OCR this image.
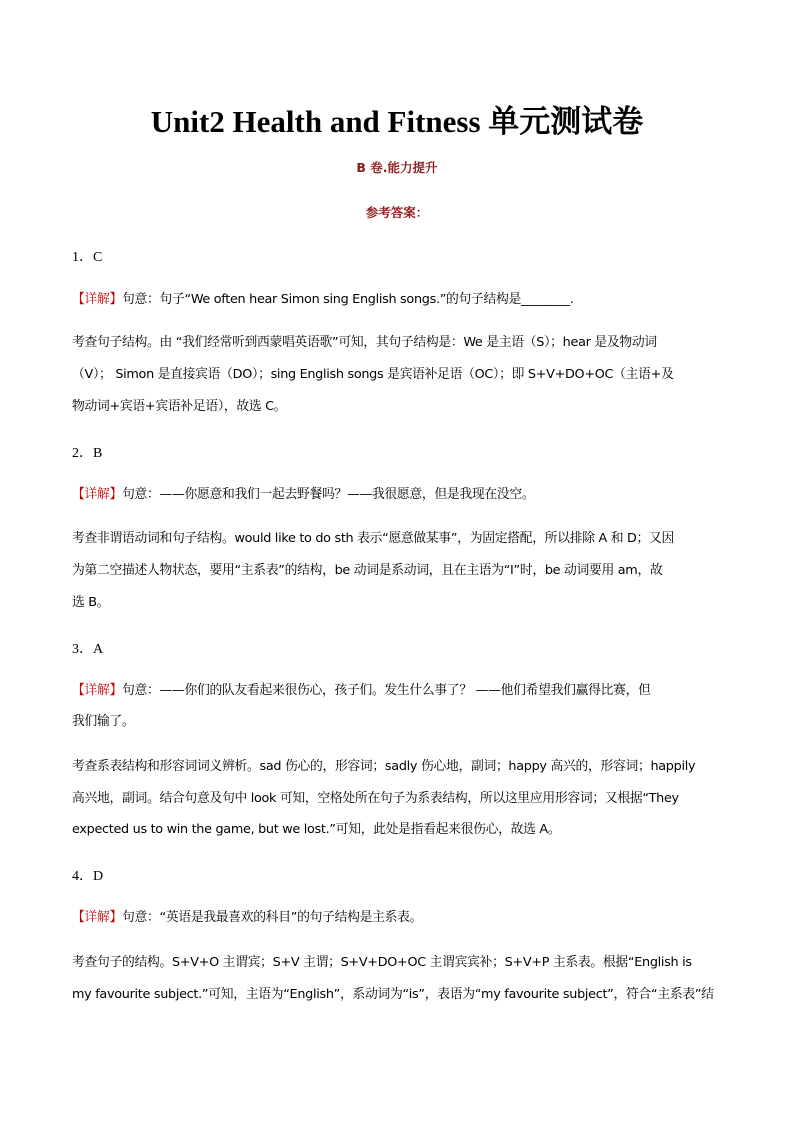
Unit2 Health and Fitness 单元测试卷
B 卷.能力提升
参考答案：
1．C
【详解】句意：句子“We often hear Simon sing English songs.”的句子结构是________.
考查句子结构。由 “我们经常听到西蒙唱英语歌”可知，其句子结构是：We 是主语（S）；hear 是及物动词
（V）； Simon 是直接宾语（DO）；sing English songs 是宾语补足语（OC）；即 S+V+DO+OC（主语+及
物动词+宾语+宾语补足语），故选 C。
2．B
【详解】句意：——你愿意和我们一起去野餐吗？——我很愿意，但是我现在没空。
考查非谓语动词和句子结构。would like to do sth 表示“愿意做某事”，为固定搭配，所以排除 A 和 D；又因
为第二空描述人物状态，要用“主系表”的结构，be 动词是系动词，且在主语为“I”时，be 动词要用 am，故
选 B。
3．A
【详解】句意：——你们的队友看起来很伤心，孩子们。发生什么事了？ ——他们希望我们赢得比赛，但
我们输了。
考查系表结构和形容词词义辨析。sad 伤心的，形容词；sadly 伤心地，副词；happy 高兴的，形容词；happily
高兴地，副词。结合句意及句中 look 可知，空格处所在句子为系表结构，所以这里应用形容词；又根据“They
expected us to win the game, but we lost.”可知，此处是指看起来很伤心，故选 A。
4．D
【详解】句意：“英语是我最喜欢的科目”的句子结构是主系表。
考查句子的结构。S+V+O 主谓宾；S+V 主谓；S+V+DO+OC 主谓宾宾补；S+V+P 主系表。根据“English is
my favourite subject.”可知，主语为“English”，系动词为“is”，表语为“my favourite subject”，符合“主系表”结
